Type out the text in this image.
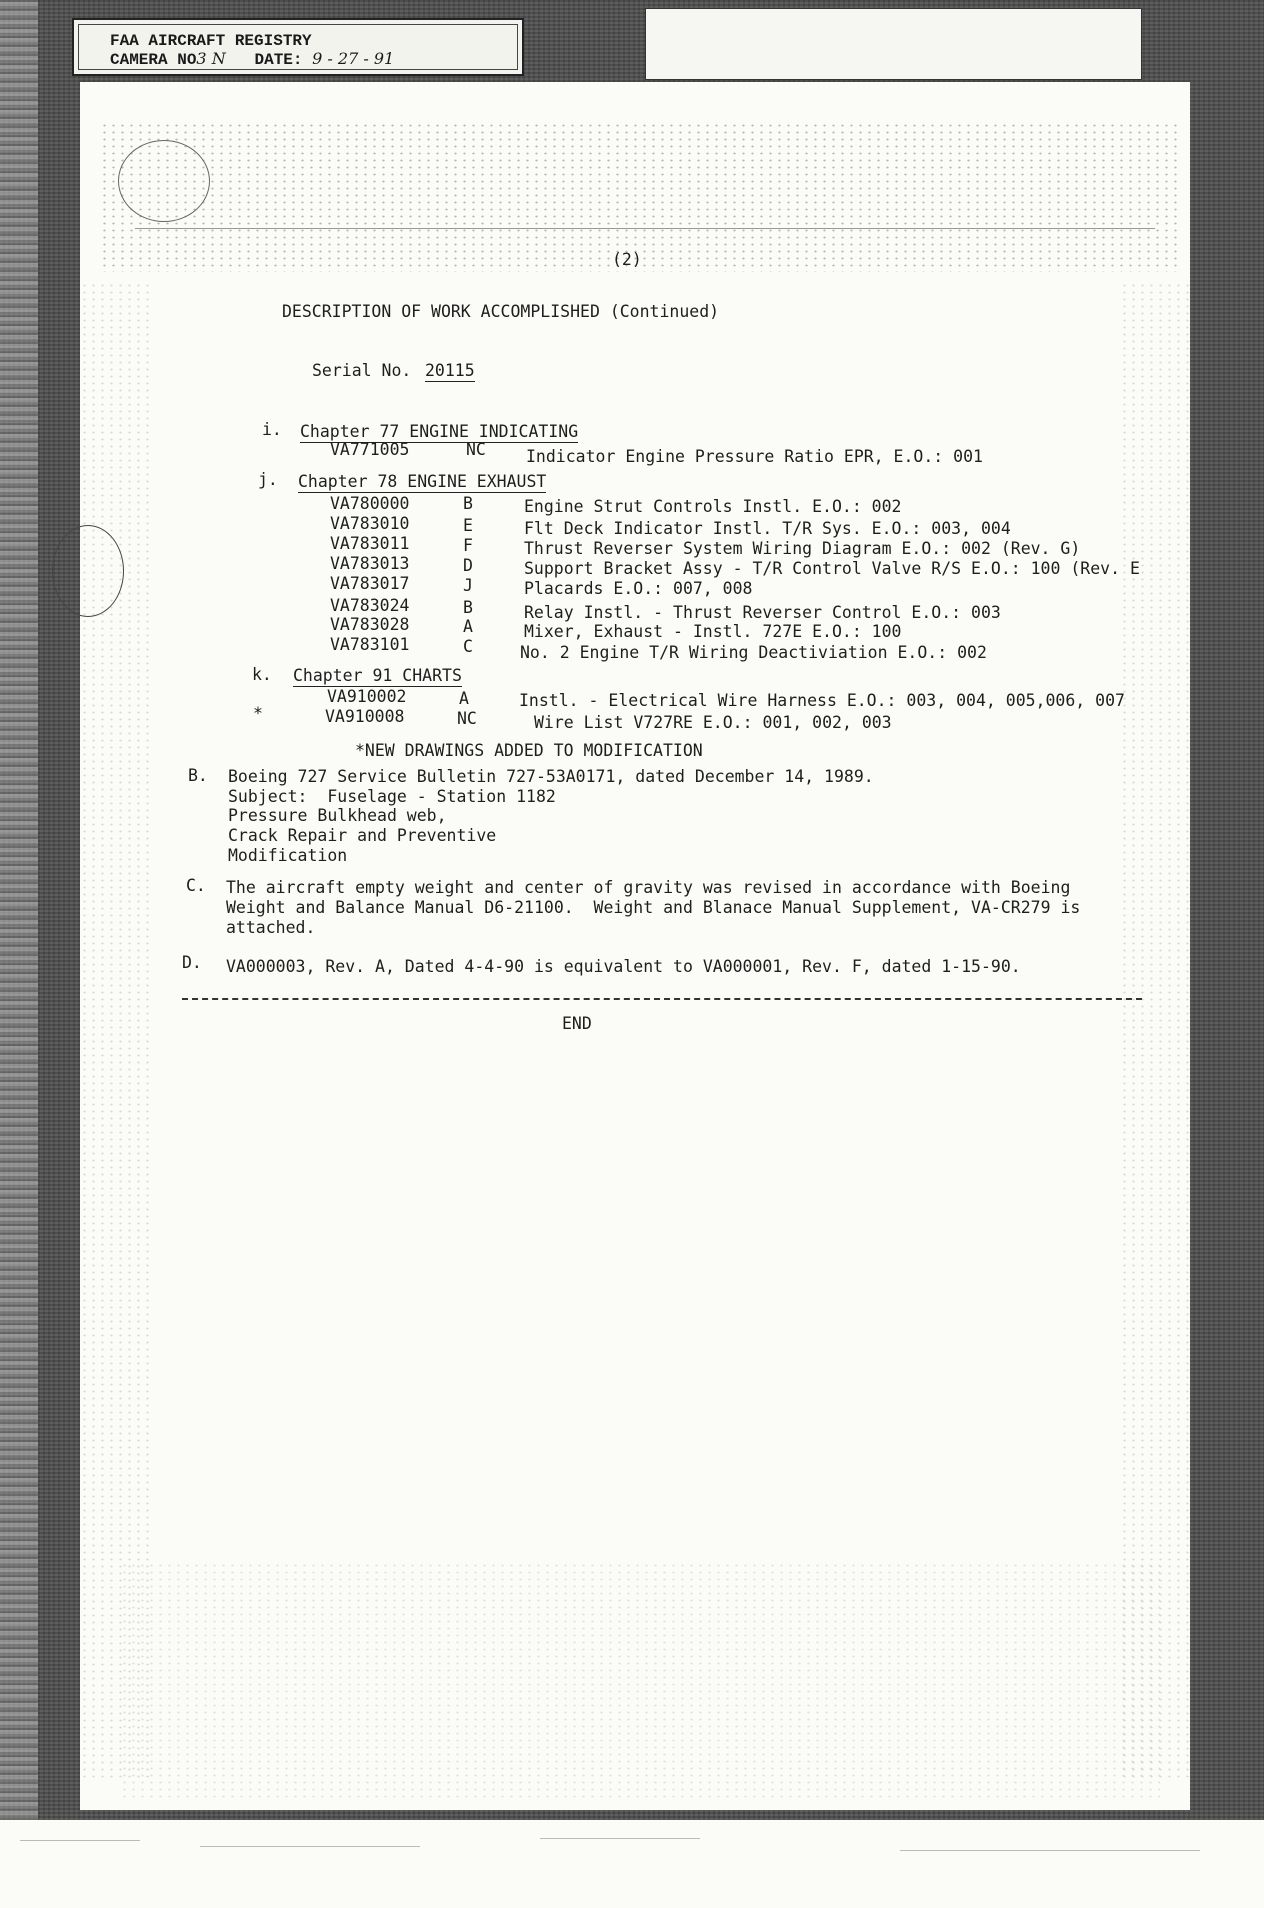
FAA AIRCRAFT REGISTRY
CAMERA NO3 N DATE: 9 - 27 - 91
(2)
DESCRIPTION OF WORK ACCOMPLISHED (Continued)
Serial No. 20115
i. Chapter 77 ENGINE INDICATING
VA771005	NC Indicator Engine Pressure Ratio EPR, E.O.: 001
j. Chapter 78 ENGINE EXHAUST
VA780000	B	Engine Strut Controls Instl. E.O.: 002
VA783010	E	Flt Deck Indicator Instl. T/R Sys. E.O.: 003, 004
VA783011	F	Thrust Reverser System Wiring Diagram E.O.: 002 (Rev. G)
VA783013	D	Support Bracket Assy - T/R Control Valve R/S E.O.: 100 (Rev. E
VA783017	J	Placards E.O.: 007, 008
VA783024	B	Relay Instl. - Thrust Reverser Control E.O.: 003
VA783028	A	Mixer, Exhaust - Instl. 727E E.O.: 100
VA783101	C	No. 2 Engine T/R Wiring Deactiviation E.O.: 002
k. Chapter 91 CHARTS
VA910002	A	Instl. - Electrical Wire Harness E.O.: 003, 004, 005,006, 007
*	VA910008	NC	Wire List V727RE E.O.: 001, 002, 003
*NEW DRAWINGS ADDED TO MODIFICATION
B. Boeing 727 Service Bulletin 727-53A0171, dated December 14, 1989.
Subject:  Fuselage - Station 1182
Pressure Bulkhead web,
Crack Repair and Preventive
Modification
C. The aircraft empty weight and center of gravity was revised in accordance with Boeing
Weight and Balance Manual D6-21100.  Weight and Blanace Manual Supplement, VA-CR279 is
attached.
D. VA000003, Rev. A, Dated 4-4-90 is equivalent to VA000001, Rev. F, dated 1-15-90.
END
